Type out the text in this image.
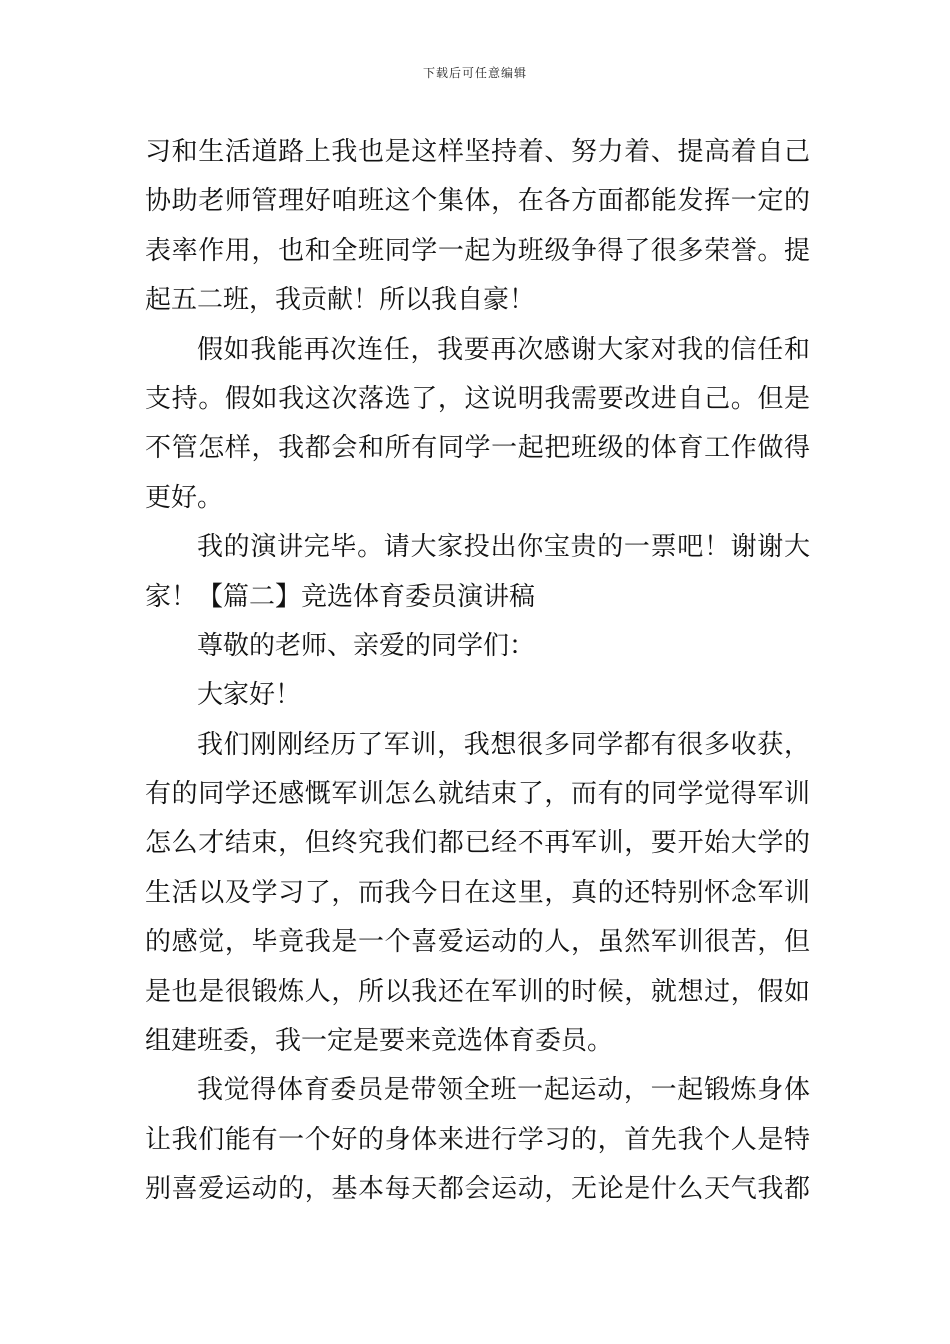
下载后可任意编辑
习和生活道路上我也是这样坚持着、努力着、提高着自己
协助老师管理好咱班这个集体，在各方面都能发挥一定的
表率作用，也和全班同学一起为班级争得了很多荣誉。提
起五二班，我贡献！所以我自豪！
假如我能再次连任，我要再次感谢大家对我的信任和
支持。假如我这次落选了，这说明我需要改进自己。但是
不管怎样，我都会和所有同学一起把班级的体育工作做得
更好。
我的演讲完毕。请大家投出你宝贵的一票吧！谢谢大
家！【篇二】竞选体育委员演讲稿
尊敬的老师、亲爱的同学们：
大家好！
我们刚刚经历了军训，我想很多同学都有很多收获，
有的同学还感慨军训怎么就结束了，而有的同学觉得军训
怎么才结束，但终究我们都已经不再军训，要开始大学的
生活以及学习了，而我今日在这里，真的还特别怀念军训
的感觉，毕竟我是一个喜爱运动的人，虽然军训很苦，但
是也是很锻炼人，所以我还在军训的时候，就想过，假如
组建班委，我一定是要来竞选体育委员。
我觉得体育委员是带领全班一起运动，一起锻炼身体
让我们能有一个好的身体来进行学习的，首先我个人是特
别喜爱运动的，基本每天都会运动，无论是什么天气我都
